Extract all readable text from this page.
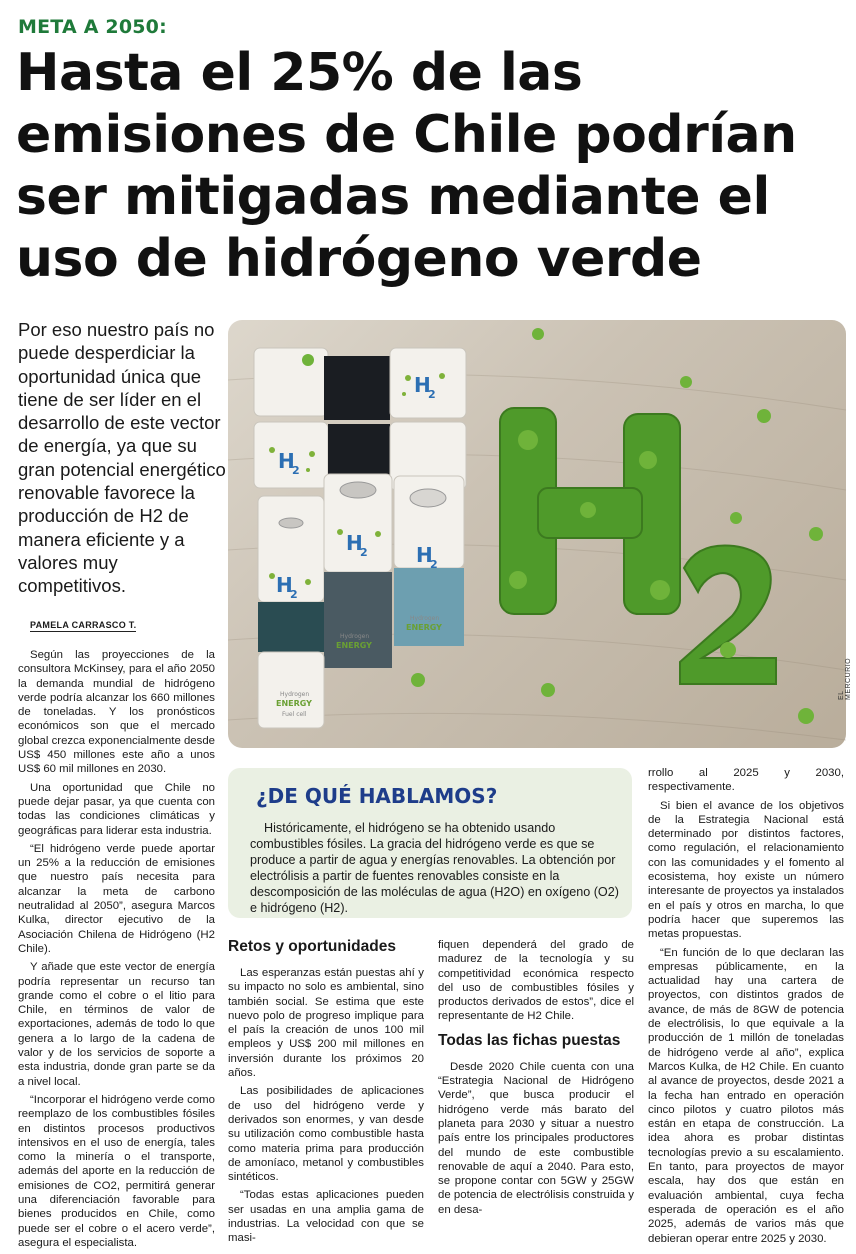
META A 2050:
Hasta el 25% de las emisiones de Chile podrían ser mitigadas mediante el uso de hidrógeno verde
Por eso nuestro país no puede desperdiciar la oportunidad única que tiene de ser líder en el desarrollo de este vector de energía, ya que su gran potencial energético renovable favorece la producción de H2 de manera eficiente y a valores muy competitivos.
H
2
H
2
H
2
H
2 H
2
Hydrogen
ENERGY
Fuel cell
Hydrogen
ENERGY
Hydrogen
ENERGY
EL MERCURIO
PAMELA CARRASCO T.

Según las proyecciones de la consultora McKinsey, para el año 2050 la demanda mundial de hidrógeno verde podría alcanzar los 660 millones de toneladas. Y los pronósticos económicos son que el mercado global crezca exponencialmente desde US$ 450 millones este año a unos US$ 60 mil millones en 2030.

Una oportunidad que Chile no puede dejar pasar, ya que cuenta con todas las condiciones climáticas y geográficas para liderar esta industria.

“El hidrógeno verde puede aportar un 25% a la reducción de emisiones que nuestro país necesita para alcanzar la meta de carbono neutralidad al 2050”, asegura Marcos Kulka, director ejecutivo de la Asociación Chilena de Hidrógeno (H2 Chile).

Y añade que este vector de energía podría representar un recurso tan grande como el cobre o el litio para Chile, en términos de valor de exportaciones, además de todo lo que genera a lo largo de la cadena de valor y de los servicios de soporte a esta industria, donde gran parte se da a nivel local.

“Incorporar el hidrógeno verde como reemplazo de los combustibles fósiles en distintos procesos productivos intensivos en el uso de energía, tales como la minería o el transporte, además del aporte en la reducción de emisiones de CO2, permitirá generar una diferenciación favorable para bienes producidos en Chile, como puede ser el cobre o el acero verde”, asegura el especialista.

¿DE QUÉ HABLAMOS?
Históricamente, el hidrógeno se ha obtenido usando combustibles fósiles. La gracia del hidrógeno verde es que se produce a partir de agua y energías renovables. La obtención por electrólisis a partir de fuentes renovables consiste en la descomposición de las moléculas de agua (H2O) en oxígeno (O2) e hidrógeno (H2).
Retos y oportunidades

Las esperanzas están puestas ahí y su impacto no solo es ambiental, sino también social. Se estima que este nuevo polo de progreso implique para el país la creación de unos 100 mil empleos y US$ 200 mil millones en inversión durante los próximos 20 años.

Las posibilidades de aplicaciones de uso del hidrógeno verde y derivados son enormes, y van desde su utilización como combustible hasta como materia prima para producción de amoníaco, metanol y combustibles sintéticos.

“Todas estas aplicaciones pueden ser usadas en una amplia gama de industrias. La velocidad con que se masi-

fiquen dependerá del grado de madurez de la tecnología y su competitividad económica respecto del uso de combustibles fósiles y productos derivados de estos”, dice el representante de H2 Chile.

Todas las fichas puestas

Desde 2020 Chile cuenta con una “Estrategia Nacional de Hidrógeno Verde”, que busca producir el hidrógeno verde más barato del planeta para 2030 y situar a nuestro país entre los principales productores del mundo de este combustible renovable de aquí a 2040. Para esto, se propone contar con 5GW y 25GW de potencia de electrólisis construida y en desa-

rrollo al 2025 y 2030, respectivamente.

Si bien el avance de los objetivos de la Estrategia Nacional está determinado por distintos factores, como regulación, el relacionamiento con las comunidades y el fomento al ecosistema, hoy existe un número interesante de proyectos ya instalados en el país y otros en marcha, lo que podría hacer que superemos las metas propuestas.

“En función de lo que declaran las empresas públicamente, en la actualidad hay una cartera de proyectos, con distintos grados de avance, de más de 8GW de potencia de electrólisis, lo que equivale a la producción de 1 millón de toneladas de hidrógeno verde al año”, explica Marcos Kulka, de H2 Chile. En cuanto al avance de proyectos, desde 2021 a la fecha han entrado en operación cinco pilotos y cuatro pilotos más están en etapa de construcción. La idea ahora es probar distintas tecnologías previo a su escalamiento. En tanto, para proyectos de mayor escala, hay dos que están en evaluación ambiental, cuya fecha esperada de operación es el año 2025, además de varios más que debieran operar entre 2025 y 2030.
